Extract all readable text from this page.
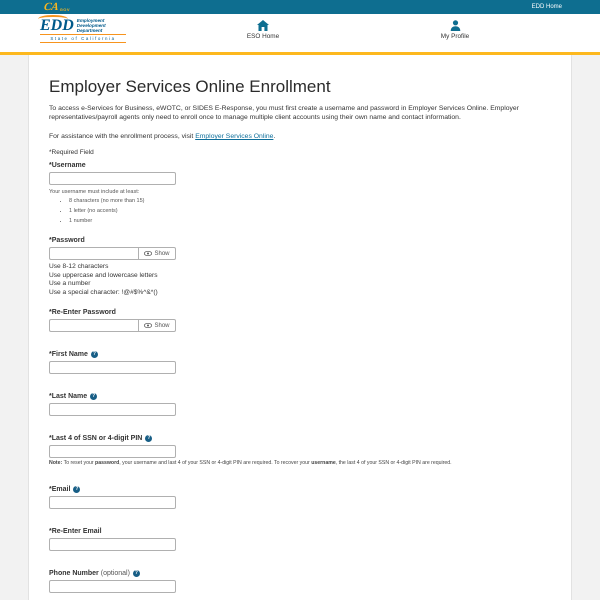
CA GOV	EDD Home
EDD Employment
Development
Department
State of California	ESO Home	My Profile
Employer Services Online Enrollment

To access e-Services for Business, eWOTC, or SIDES E-Response, you must first create a username and password in Employer Services Online. Employer representatives/payroll agents only need to enroll once to manage multiple client accounts using their own name and contact information.

For assistance with the enrollment process, visit Employer Services Online.

*Required Field
*Username
Your username must include at least:
• 8 characters (no more than 15)
• 1 letter (no accents)
• 1 number
*Password
Show
Use 8-12 characters
Use uppercase and lowercase letters
Use a number
Use a special character: !@#$%^&*()
*Re-Enter Password
Show
*First Name ?
*Last Name ?
*Last 4 of SSN or 4-digit PIN ?
Note: To reset your password, your username and last 4 of your SSN or 4-digit PIN are required. To recover your username, the last 4 of your SSN or 4-digit PIN are required.
*Email ?
*Re-Enter Email
Phone Number (optional) ?
